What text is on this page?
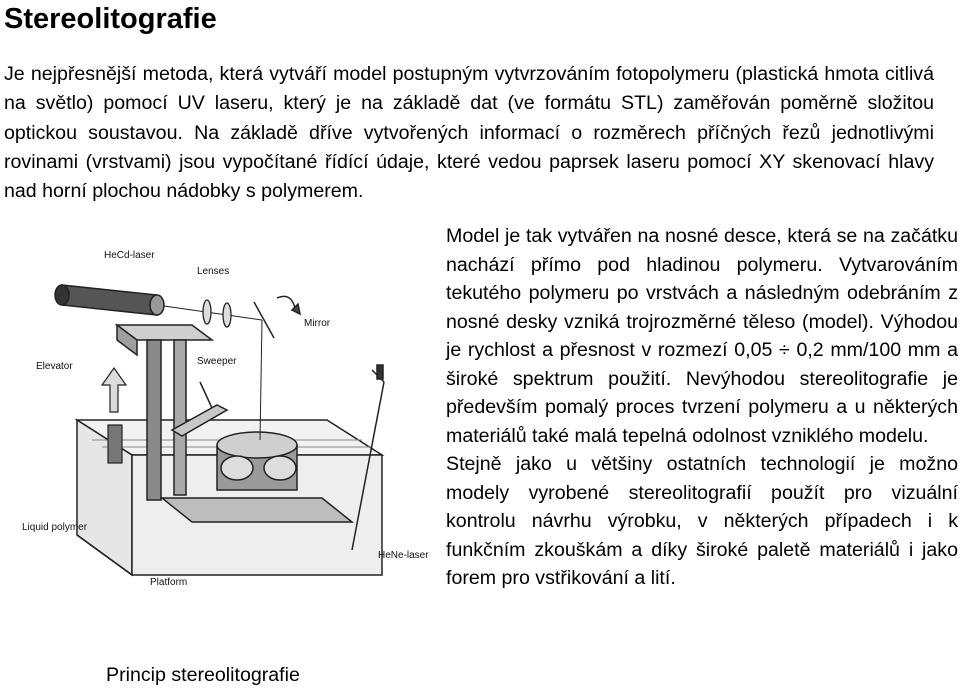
Stereolitografie

Je nejpřesnější metoda, která vytváří model postupným vytvrzováním fotopolymeru (plastická hmota citlivá na světlo) pomocí UV laseru, který je na základě dat (ve formátu STL) zaměřován poměrně složitou optickou soustavou. Na základě dříve vytvořených informací o rozměrech příčných řezů jednotlivými rovinami (vrstvami) jsou vypočítané řídící údaje, které vedou paprsek laseru pomocí XY skenovací hlavy nad horní plochou nádobky s polymerem.

Model je tak vytvářen na nosné desce, která se na začátku nachází přímo pod hladinou polymeru. Vytvarováním tekutého polymeru po vrstvách a následným odebráním z nosné desky vzniká trojrozměrné těleso (model). Výhodou je rychlost a přesnost v rozmezí 0,05 ÷ 0,2 mm/100 mm a široké spektrum použití. Nevýhodou stereolitografie je především pomalý proces tvrzení polymeru a u některých materiálů také malá tepelná odolnost vzniklého modelu.

Stejně jako u většiny ostatních technologií je možno modely vyrobené stereolitografií použít pro vizuální kontrolu návrhu výrobku, v některých případech i k funkčním zkouškám a díky široké paletě materiálů i jako forem pro vstřikování a lití.

HeCd-laser
Lenses
Mirror
Elevator	Sweeper
Liquid polymer
Platform
HeNe-laser

Princip stereolitografie
